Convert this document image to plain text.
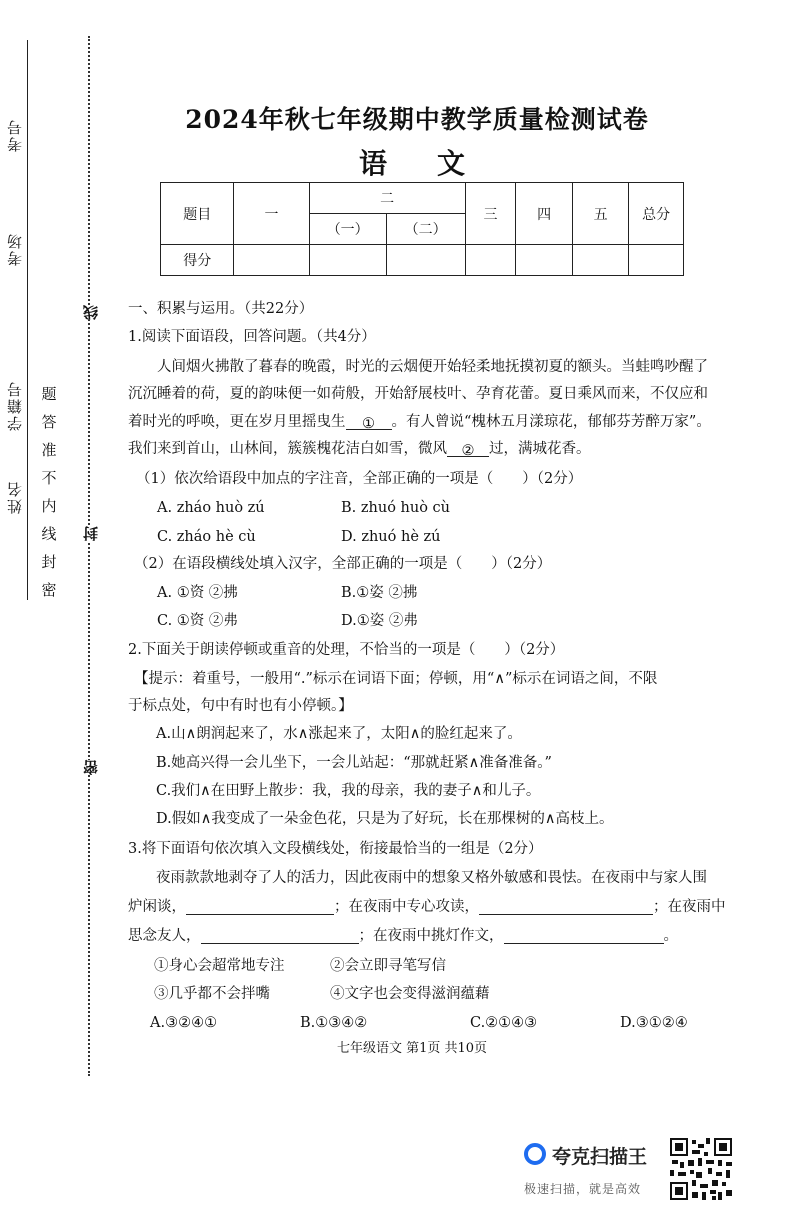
考号
考场
学籍号
姓名
题
答
准
不
内
线
封
密
线
封
密
2024年秋七年级期中教学质量检测试卷
语文
题目	一	二		三	四	五	总分
		（一）	（二）				
得分							
一、积累与运用。（共22分）
1.阅读下面语段，回答问题。（共4分）
人间烟火拂散了暮春的晚霞，时光的云烟便开始轻柔地抚摸初夏的额头。当蛙鸣吵醒了
沉沉睡着的荷，夏的韵味便一如荷般，开始舒展枝叶、孕育花蕾。夏日乘风而来，不仅应和
着时光的呼唤，更在岁月里摇曳生 ① 。有人曾说“槐林五月漾琼花，郁郁芬芳醉万家”。
我们来到首山，山林间，簇簇槐花洁白如雪，微风 ② 过，满城花香。
（1）依次给语段中加点的字注音，全部正确的一项是（　　）（2分）
A. zháo huò zú	B. zhuó huò cù
C. zháo hè cù	D. zhuó hè zú
（2）在语段横线处填入汉字，全部正确的一项是（　　）（2分）
A. ①资 ②拂	B.①姿 ②拂
C. ①资 ②弗	D.①姿 ②弗
2.下面关于朗读停顿或重音的处理，不恰当的一项是（　　）（2分）
【提示：着重号，一般用“.”标示在词语下面；停顿，用“∧”标示在词语之间，不限
于标点处，句中有时也有小停顿。】
A.山∧朗润起来了，水∧涨起来了，太阳∧的脸红起来了。
B.她高兴得一会儿坐下，一会儿站起：“那就赶紧∧准备准备。”
C.我们∧在田野上散步：我，我的母亲，我的妻子∧和儿子。
D.假如∧我变成了一朵金色花，只是为了好玩，长在那棵树的∧高枝上。
3.将下面语句依次填入文段横线处，衔接最恰当的一组是（2分）
夜雨款款地剥夺了人的活力，因此夜雨中的想象又格外敏感和畏怯。在夜雨中与家人围
炉闲谈，	；在夜雨中专心攻读，	；在夜雨中
思念友人，	；在夜雨中挑灯作文，	。
①身心会超常地专注	②会立即寻笔写信
③几乎都不会拌嘴	④文字也会变得滋润蕴藉
A.③②④①	B.①③④②	C.②①④③	D.③①②④
七年级语文 第1页 共10页
夸克扫描王
极速扫描，就是高效
